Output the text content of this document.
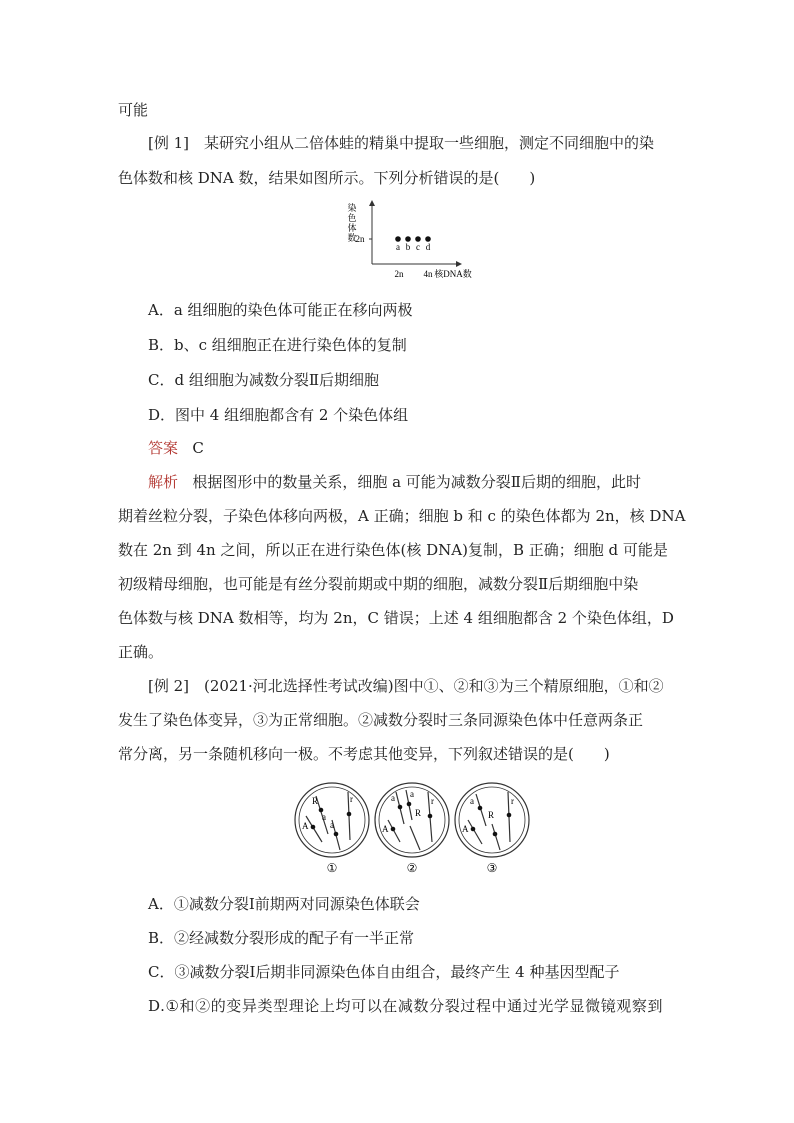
可能
[例 1]　某研究小组从二倍体蛙的精巢中提取一些细胞，测定不同细胞中的染
色体数和核 DNA 数，结果如图所示。下列分析错误的是(　　)
染
色
体
数
2n
2n 4n 核DNA数
a b c d
A．a 组细胞的染色体可能正在移向两极
B．b、c 组细胞正在进行染色体的复制
C．d 组细胞为减数分裂Ⅱ后期细胞
D．图中 4 组细胞都含有 2 个染色体组
答案 C
解析 根据图形中的数量关系，细胞 a 可能为减数分裂Ⅱ后期的细胞，此时
期着丝粒分裂，子染色体移向两极，A 正确；细胞 b 和 c 的染色体都为 2n，核 DNA
数在 2n 到 4n 之间，所以正在进行染色体(核 DNA)复制，B 正确；细胞 d 可能是
初级精母细胞，也可能是有丝分裂前期或中期的细胞，减数分裂Ⅱ后期细胞中染
色体数与核 DNA 数相等，均为 2n，C 错误；上述 4 组细胞都含 2 个染色体组，D
正确。
[例 2]　(2021·河北选择性考试改编)图中①、②和③为三个精原细胞，①和②
发生了染色体变异，③为正常细胞。②减数分裂时三条同源染色体中任意两条正
常分离，另一条随机移向一极。不考虑其他变异，下列叙述错误的是(　　)
R	r
a
A a
a a
r
R
A
a	r
R
A
①	②	③
A．①减数分裂Ⅰ前期两对同源染色体联会
B．②经减数分裂形成的配子有一半正常
C．③减数分裂Ⅰ后期非同源染色体自由组合，最终产生 4 种基因型配子
D.①和②的变异类型理论上均可以在减数分裂过程中通过光学显微镜观察到
